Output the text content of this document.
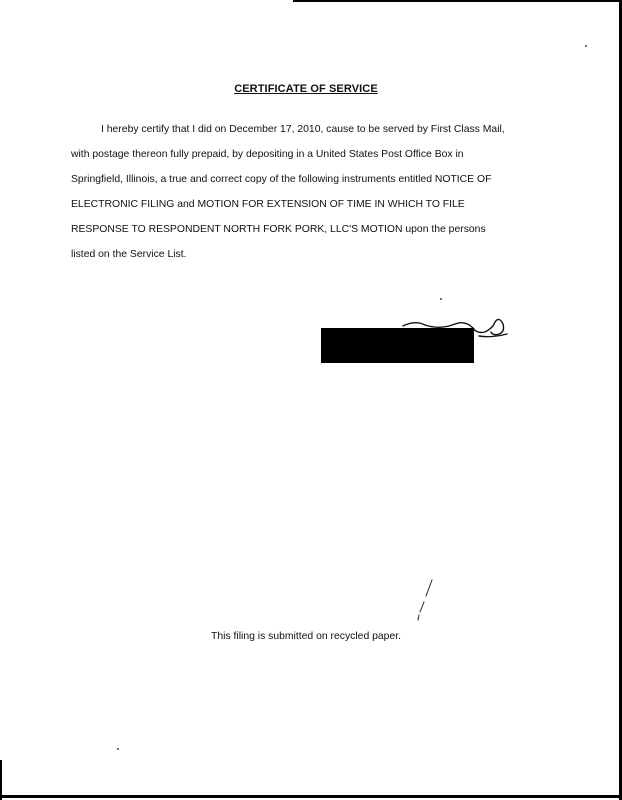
CERTIFICATE OF SERVICE
I hereby certify that I did on December 17, 2010, cause to be served by First Class Mail,
with postage thereon fully prepaid, by depositing in a United States Post Office Box in
Springfield, Illinois, a true and correct copy of the following instruments entitled NOTICE OF
ELECTRONIC FILING and MOTION FOR EXTENSION OF TIME IN WHICH TO FILE
RESPONSE TO RESPONDENT NORTH FORK PORK, LLC'S MOTION upon the persons
listed on the Service List.
This filing is submitted on recycled paper.
